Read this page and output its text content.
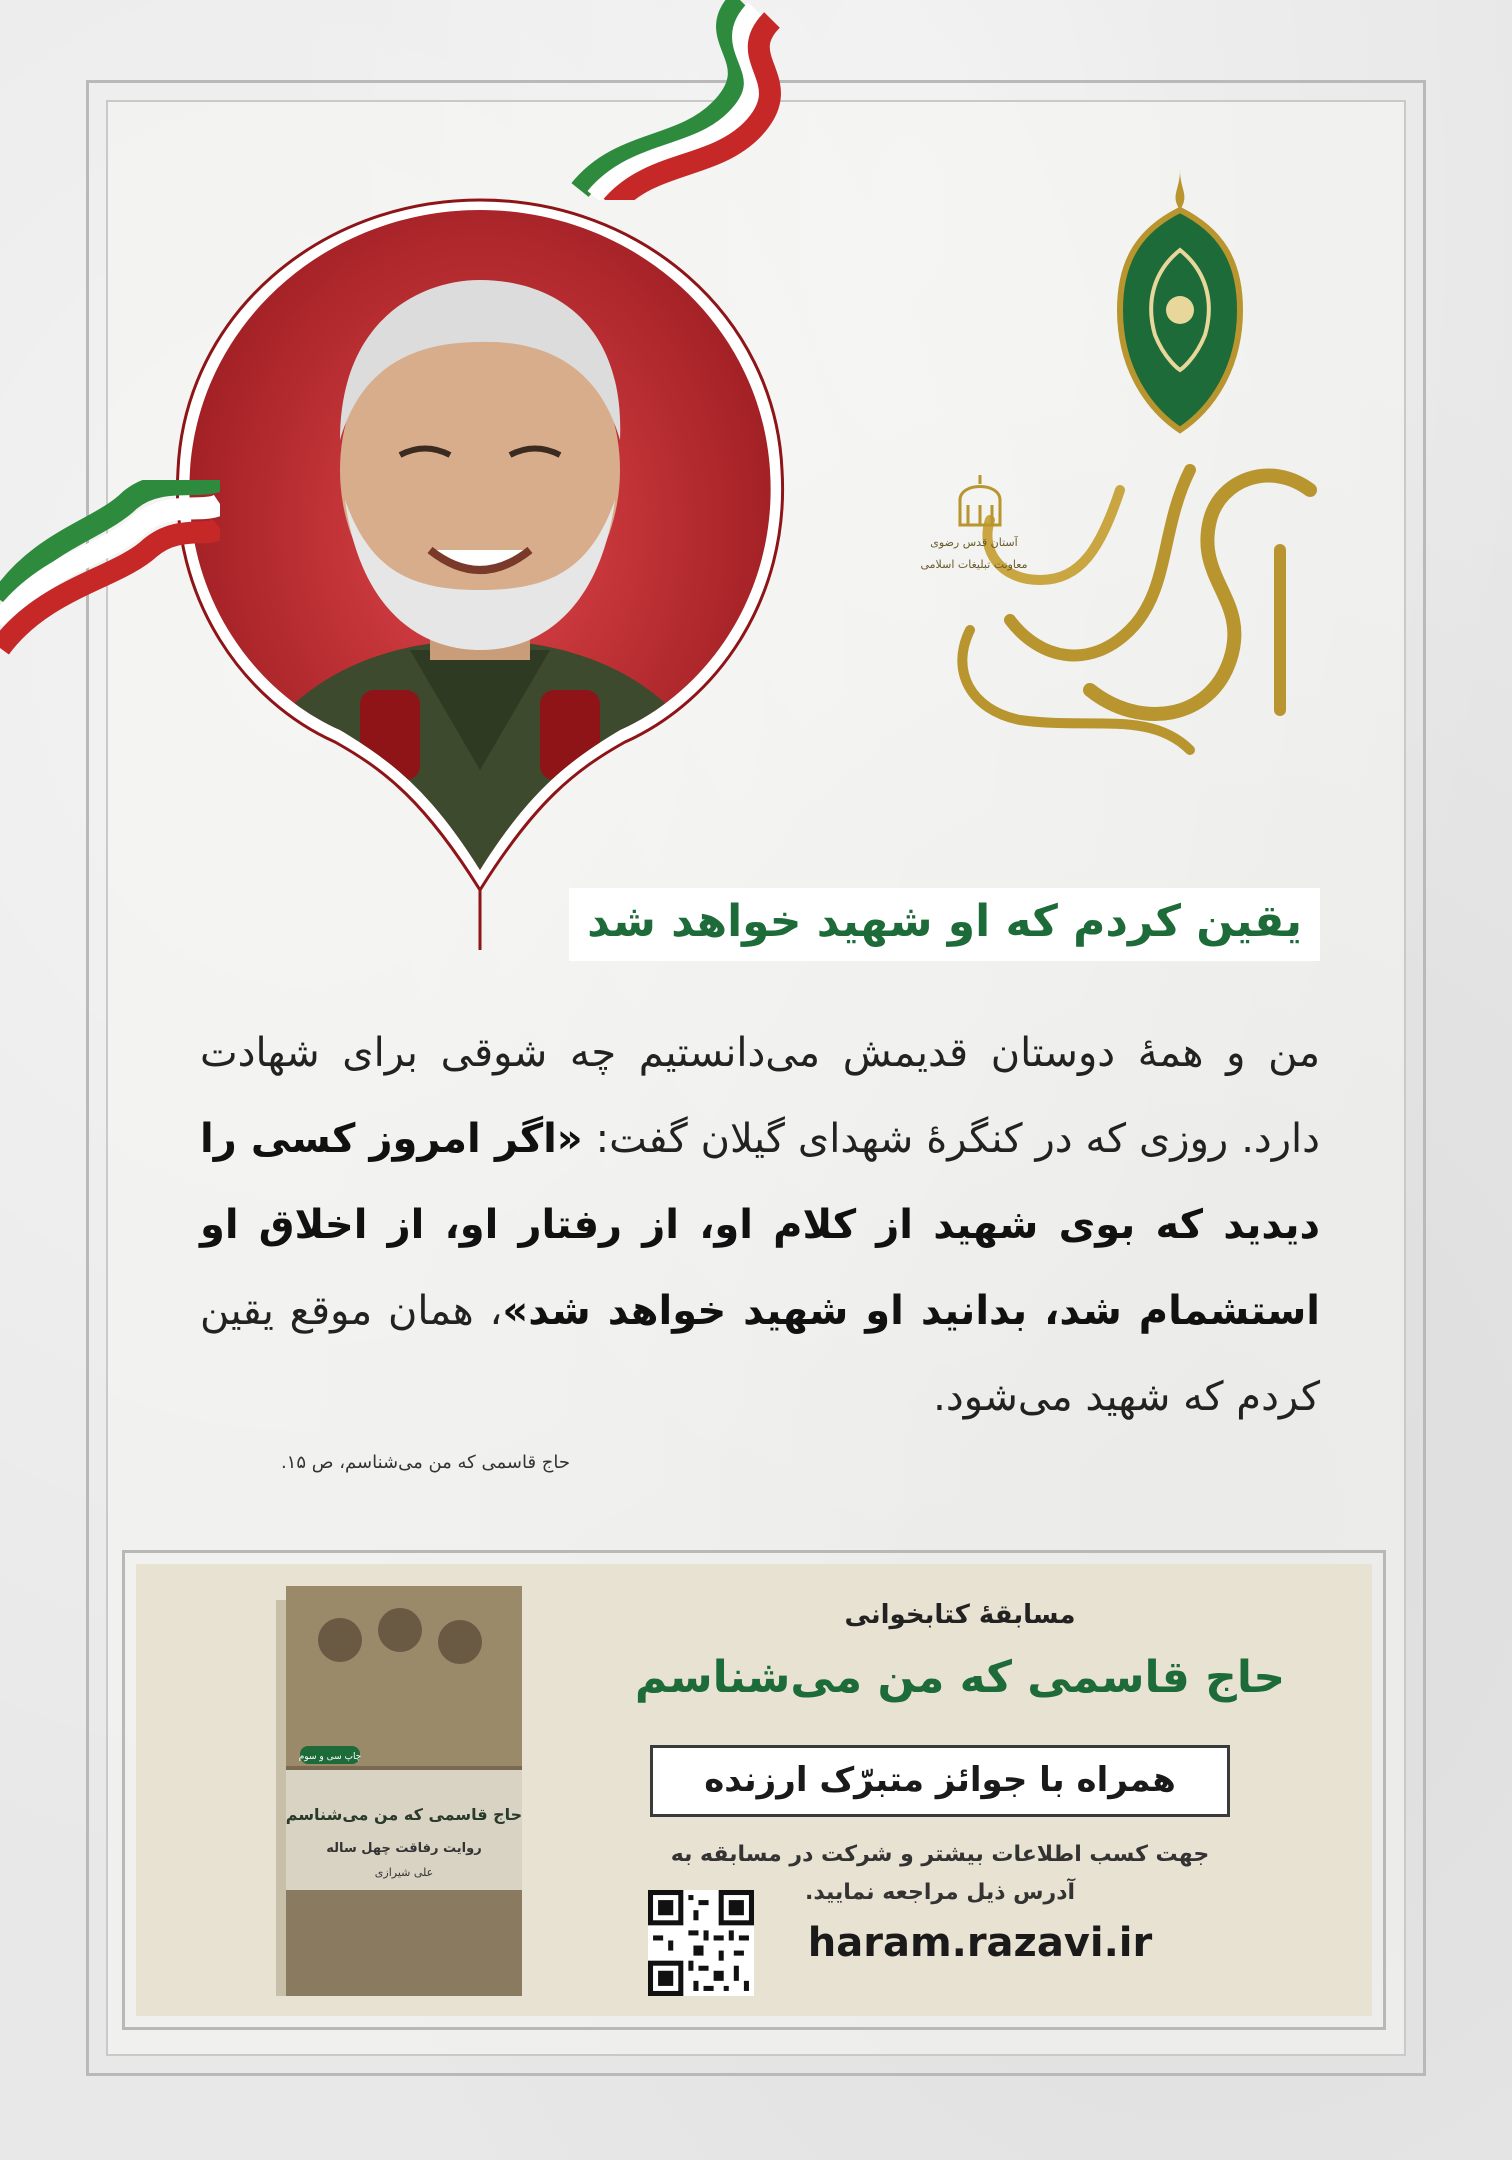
شهید القدس
آستان قدس رضوی
معاونت تبلیغات اسلامی
یقین کردم که او شهید خواهد شد
من و همهٔ دوستان قدیمش می‌دانستیم چه شوقی برای شهادت دارد. روزی که در کنگرهٔ شهدای گیلان گفت: «اگر امروز کسی را دیدید که بوی شهید از کلام او، از رفتار او، از اخلاق او استشمام شد، بدانید او شهید خواهد شد»، همان موقع یقین کردم که شهید می‌شود.
حاج قاسمی که من می‌شناسم، ص ۱۵.
چاپ سی و سوم
حاج قاسمی که من می‌شناسم
روایت رفاقت چهل ساله
علی شیرازی
مسابقهٔ کتابخوانی
حاج قاسمی که من می‌شناسم
همراه با جوائز متبرّک ارزنده
جهت کسب اطلاعات بیشتر و شرکت در مسابقه به آدرس ذیل مراجعه نمایید.
haram.razavi.ir
